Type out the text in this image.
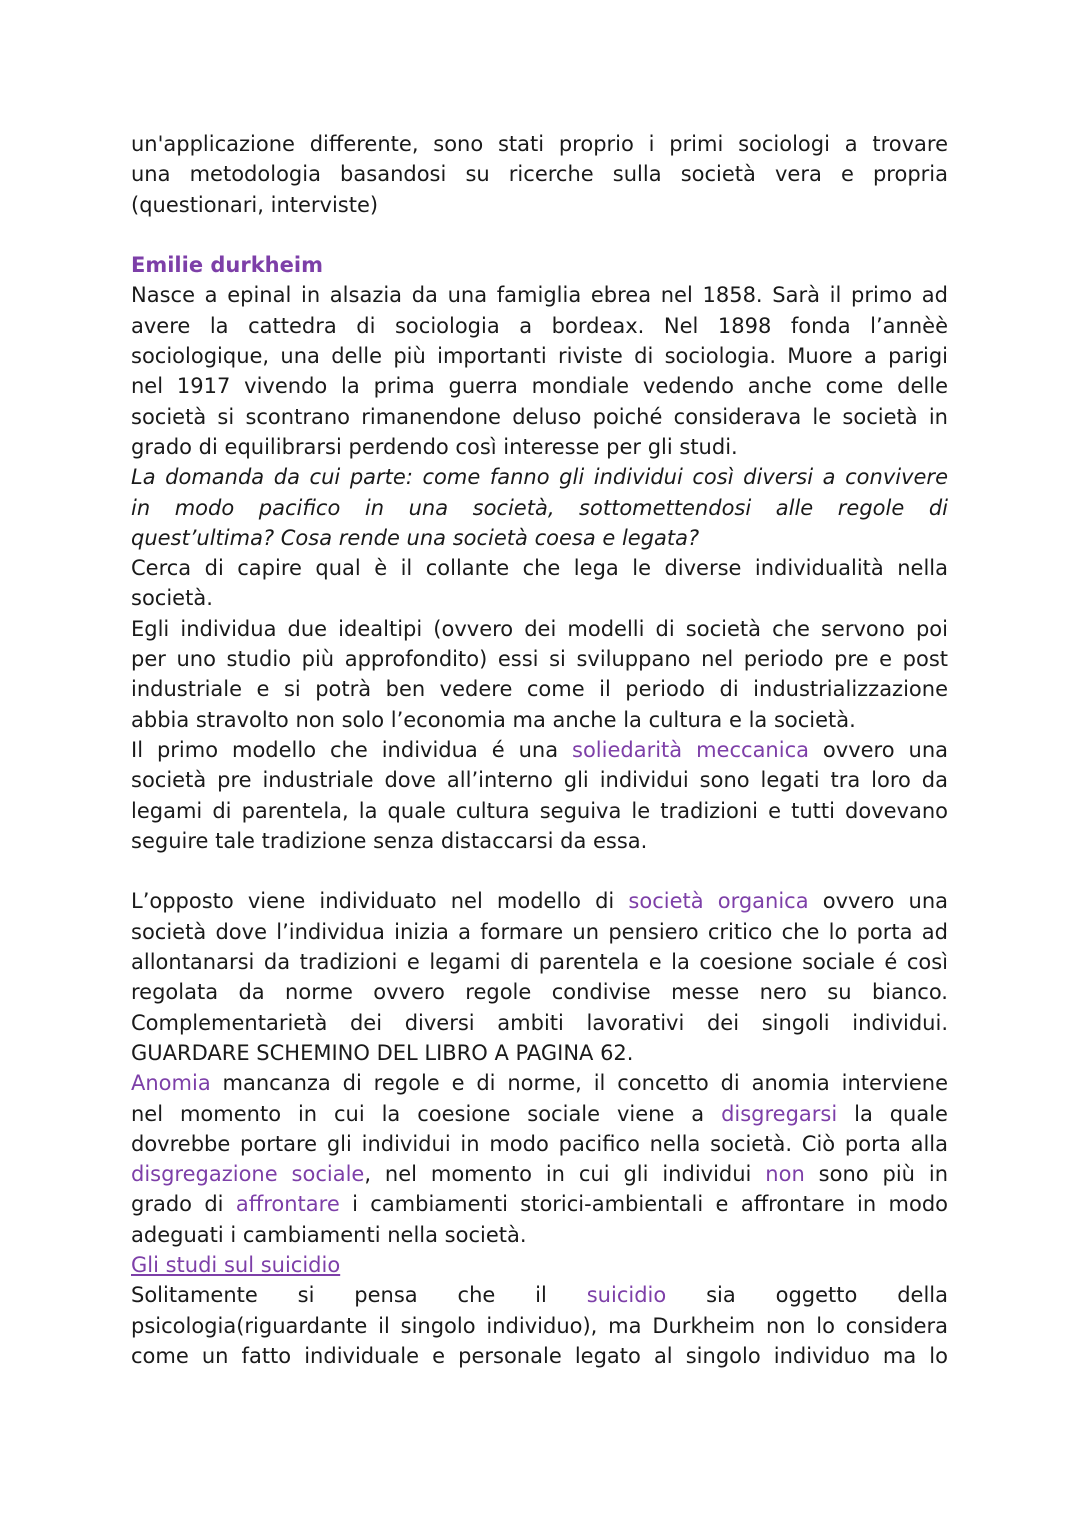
un'applicazione differente, sono stati proprio i primi sociologi a trovare

una metodologia basandosi su ricerche sulla società vera e propria

(questionari, interviste)

Emilie durkheim

Nasce a epinal in alsazia da una famiglia ebrea nel 1858. Sarà il primo ad

avere la cattedra di sociologia a bordeax. Nel 1898 fonda l’annèè

sociologique, una delle più importanti riviste di sociologia. Muore a parigi

nel 1917 vivendo la prima guerra mondiale vedendo anche come delle

società si scontrano rimanendone deluso poiché considerava le società in

grado di equilibrarsi perdendo così interesse per gli studi.

La domanda da cui parte: come fanno gli individui così diversi a convivere

in modo pacifico in una società, sottomettendosi alle regole di

quest’ultima? Cosa rende una società coesa e legata?

Cerca di capire qual è il collante che lega le diverse individualità nella

società.

Egli individua due idealtipi (ovvero dei modelli di società che servono poi

per uno studio più approfondito) essi si sviluppano nel periodo pre e post

industriale e si potrà ben vedere come il periodo di industrializzazione

abbia stravolto non solo l’economia ma anche la cultura e la società.

Il primo modello che individua é una soliedarità meccanica ovvero una

società pre industriale dove all’interno gli individui sono legati tra loro da

legami di parentela, la quale cultura seguiva le tradizioni e tutti dovevano

seguire tale tradizione senza distaccarsi da essa.

L’opposto viene individuato nel modello di società organica ovvero una

società dove l’individua inizia a formare un pensiero critico che lo porta ad

allontanarsi da tradizioni e legami di parentela e la coesione sociale é così

regolata da norme ovvero regole condivise messe nero su bianco.

Complementarietà dei diversi ambiti lavorativi dei singoli individui.

GUARDARE SCHEMINO DEL LIBRO A PAGINA 62.

Anomia mancanza di regole e di norme, il concetto di anomia interviene

nel momento in cui la coesione sociale viene a disgregarsi la quale

dovrebbe portare gli individui in modo pacifico nella società. Ciò porta alla

disgregazione sociale, nel momento in cui gli individui non sono più in

grado di affrontare i cambiamenti storici-ambientali e affrontare in modo

adeguati i cambiamenti nella società.

Gli studi sul suicidio

Solitamente si pensa che il suicidio sia oggetto della

psicologia(riguardante il singolo individuo), ma Durkheim non lo considera

come un fatto individuale e personale legato al singolo individuo ma lo
